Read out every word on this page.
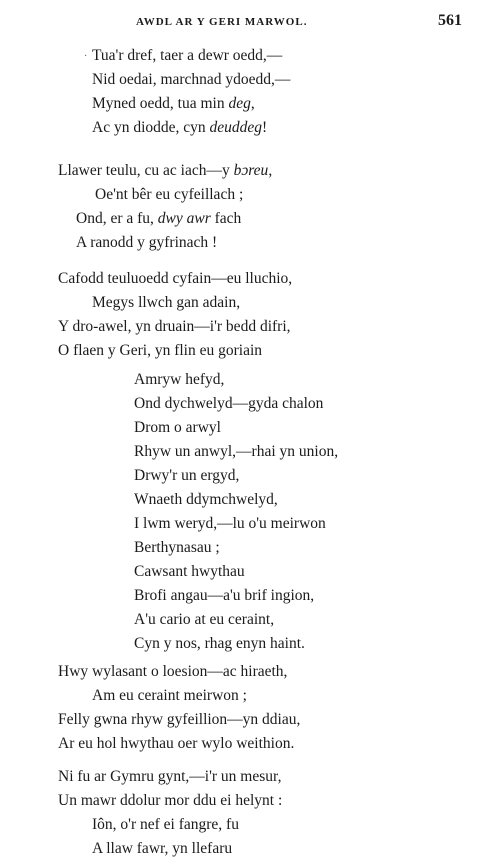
AWDL AR Y GERI MARWOL.	561
· Tua'r dref, taer a dewr oedd,—
Nid oedai, marchnad ydoedd,—
Myned oedd, tua min deg,
Ac yn diodde, cyn deuddeg!
Llawer teulu, cu ac iach—y bɔreu,
Oe'nt bêr eu cyfeillach ;
Ond, er a fu, dwy awr fach
A ranodd y gyfrinach !
Cafodd teuluoedd cyfain—eu lluchio,
Megys llwch gan adain,
Y dro-awel, yn druain—i'r bedd difri,
O flaen y Geri, yn flin eu goriain
Amryw hefyd,
Ond dychwelyd—gyda chalon
Drom o arwyl
Rhyw un anwyl,—rhai yn union,
Drwy'r un ergyd,
Wnaeth ddymchwelyd,
I lwm weryd,—lu o'u meirwon
Berthynasau ;
Cawsant hwythau
Brofi angau—a'u brif ingion,
A'u cario at eu ceraint,
Cyn y nos, rhag enyn haint.
Hwy wylasant o loesion—ac hiraeth,
Am eu ceraint meirwon ;
Felly gwna rhyw gyfeillion—yn ddiau,
Ar eu hol hwythau oer wylo weithion.
Ni fu ar Gymru gynt,—i'r un mesur,
Un mawr ddolur mor ddu ei helynt :
Iôn, o'r nef ei fangre, fu
A llaw fawr, yn llefaru
